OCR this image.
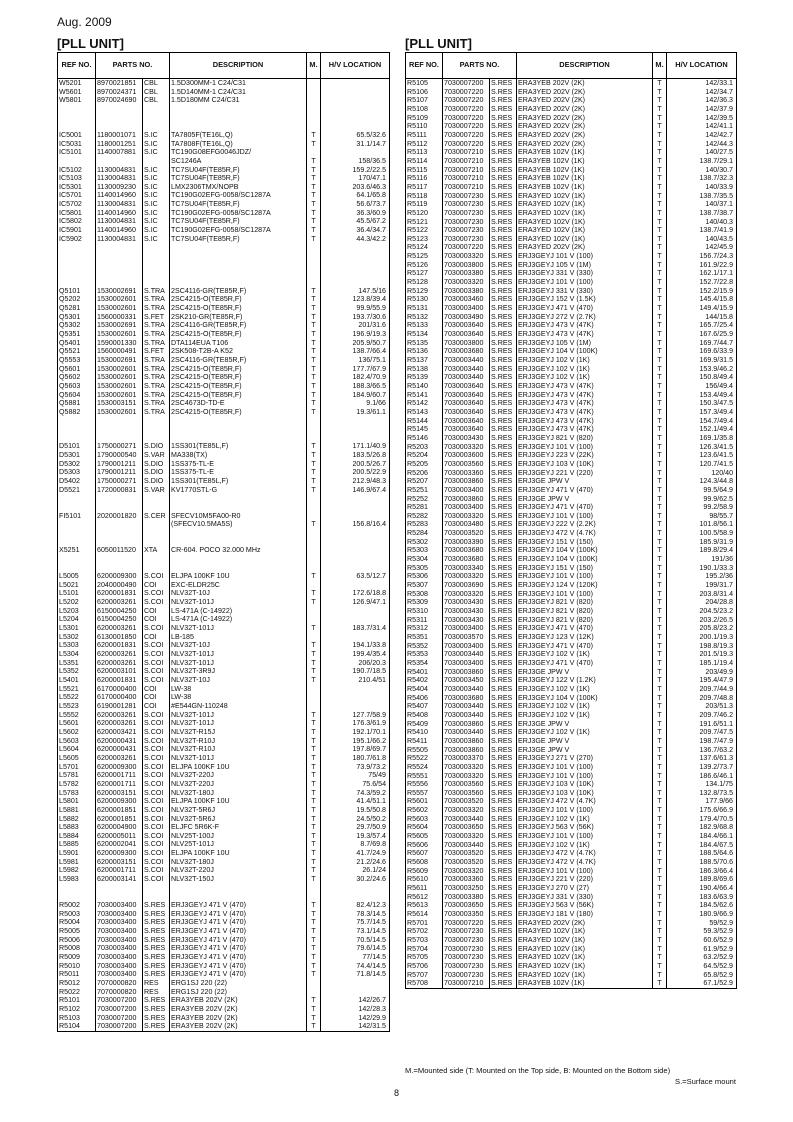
Aug. 2009
[PLL UNIT]
REF NO.	PARTS NO.		DESCRIPTION	M.	H/V LOCATION
W5201	8970021851	CBL	1.5D300MM-1 C24/C31		
W5601	8970024371	CBL	1.5D140MM-1 C24/C31		
W5801	8970024690	CBL	1.5D180MM C24/C31		

IC5001	1180001071	S.IC	TA7805F(TE16L,Q)	T	65.5/32.6
IC5031	1180001251	S.IC	TA7808F(TE16L,Q)	T	31.1/14.7
IC5101	1140007881	S.IC	TC190G08EFG0046JDZ/		
			SC1246A	T	158/36.5
IC5102	1130004831	S.IC	TC7SU04F(TE85R,F)	T	159.2/22.5
IC5103	1130004831	S.IC	TC7SU04F(TE85R,F)	T	170/47.1
IC5301	1130009230	S.IC	LMX2306TMX/NOPB	T	203.6/46.3
IC5701	1140014960	S.IC	TC190G02EFG-0058/SC1287A	T	64.1/65.8
IC5702	1130004831	S.IC	TC7SU04F(TE85R,F)	T	56.6/73.7
IC5801	1140014960	S.IC	TC190G02EFG-0058/SC1287A	T	36.3/60.9
IC5802	1130004831	S.IC	TC7SU04F(TE85R,F)	T	45.5/67.2
IC5901	1140014960	S.IC	TC190G02EFG-0058/SC1287A	T	36.4/34.7
IC5902	1130004831	S.IC	TC7SU04F(TE85R,F)	T	44.3/42.2

Q5101	1530002691	S.TRA	2SC4116-GR(TE85R,F)	T	147.5/16
Q5202	1530002601	S.TRA	2SC4215-O(TE85R,F)	T	123.8/39.4
Q5281	1530002601	S.TRA	2SC4215-O(TE85R,F)	T	99.9/55.9
Q5301	1560000331	S.FET	2SK210-GR(TE85R,F)	T	193.7/30.6
Q5302	1530002691	S.TRA	2SC4116-GR(TE85R,F)	T	201/31.6
Q5351	1530002601	S.TRA	2SC4215-O(TE85R,F)	T	196.9/19.3
Q5401	1590001330	S.TRA	DTA114EUA T106	T	205.9/50.7
Q5521	1560000491	S.FET	2SK508-T2B-A K52	T	138.7/66.4
Q5553	1530002691	S.TRA	2SC4116-GR(TE85R,F)	T	136/75.1
Q5601	1530002601	S.TRA	2SC4215-O(TE85R,F)	T	177.7/67.9
Q5602	1530002601	S.TRA	2SC4215-O(TE85R,F)	T	182.4/70.9
Q5603	1530002601	S.TRA	2SC4215-O(TE85R,F)	T	188.3/66.5
Q5604	1530002601	S.TRA	2SC4215-O(TE85R,F)	T	184.9/60.7
Q5881	1530003151	S.TRA	2SC4673D-TD-E	T	9.1/66
Q5882	1530002601	S.TRA	2SC4215-O(TE85R,F)	T	19.3/61.1

D5101	1750000271	S.DIO	1SS301(TE85L,F)	T	171.1/40.9
D5301	1790000540	S.VAR	MA338(TX)	T	183.5/26.8
D5302	1790001211	S.DIO	1SS375-TL-E	T	200.5/26.7
D5303	1790001211	S.DIO	1SS375-TL-E	T	200.5/22.9
D5402	1750000271	S.DIO	1SS301(TE85L,F)	T	212.9/48.3
D5521	1720000831	S.VAR	KV1770STL-G	T	146.9/67.4

FI5101	2020001820	S.CER	SFECV10M5FA00-R0		
			(SFECV10.5MA5S)	T	156.8/16.4

X5251	6050011520	XTA	CR-604. POCO 32.000 MHz		

L5005	6200009300	S.COI	ELJPA 100KF 10U	T	63.5/12.7
L5021	2040000490	COI	EXC-ELDR25C		
L5101	6200001831	S.COI	NLV32T-10J	T	172.6/18.8
L5202	6200003261	S.COI	NLV32T-101J	T	126.9/47.1
L5203	6150004250	COI	LS-471A (C-14922)		
L5204	6150004250	COI	LS-471A (C-14922)		
L5301	6200003261	S.COI	NLV32T-101J	T	183.7/31.4
L5302	6130001850	COI	LB-185		
L5303	6200001831	S.COI	NLV32T-10J	T	194.1/33.8
L5304	6200003261	S.COI	NLV32T-101J	T	199.4/35.4
L5351	6200003261	S.COI	NLV32T-101J	T	206/20.3
L5352	6200003101	S.COI	NLV32T-3R9J	T	190.7/18.5
L5401	6200001831	S.COI	NLV32T-10J	T	210.4/51
L5521	6170000400	COI	LW-38		
L5522	6170000400	COI	LW-38		
L5523	6190001281	COI	#E544GN-110248		
L5552	6200003261	S.COI	NLV32T-101J	T	127.7/58.9
L5601	6200003261	S.COI	NLV32T-101J	T	176.3/61.9
L5602	6200003421	S.COI	NLV32T-R15J	T	192.1/70.1
L5603	6200000431	S.COI	NLV32T-R10J	T	195.1/66.2
L5604	6200000431	S.COI	NLV32T-R10J	T	197.8/69.7
L5605	6200003261	S.COI	NLV32T-101J	T	180.7/61.8
L5701	6200009300	S.COI	ELJPA 100KF 10U	T	73.9/73.2
L5781	6200001711	S.COI	NLV32T-220J	T	75/49
L5782	6200001711	S.COI	NLV32T-220J	T	75.6/54
L5783	6200003151	S.COI	NLV32T-180J	T	74.3/59.2
L5801	6200009300	S.COI	ELJPA 100KF 10U	T	41.4/51.1
L5881	6200001851	S.COI	NLV32T-5R6J	T	19.5/50.8
L5882	6200001851	S.COI	NLV32T-5R6J	T	24.5/50.2
L5883	6200004900	S.COI	ELJFC 5R6K-F	T	29.7/50.9
L5884	6200005011	S.COI	NLV25T-100J	T	19.3/57.4
L5885	6200002041	S.COI	NLV25T-101J	T	8.7/69.8
L5901	6200009300	S.COI	ELJPA 100KF 10U	T	41.7/24.9
L5981	6200003151	S.COI	NLV32T-180J	T	21.2/24.6
L5982	6200001711	S.COI	NLV32T-220J	T	26.1/24
L5983	6200003141	S.COI	NLV32T-150J	T	30.2/24.6

R5002	7030003400	S.RES	ERJ3GEYJ 471 V (470)	T	82.4/12.3
R5003	7030003400	S.RES	ERJ3GEYJ 471 V (470)	T	78.3/14.5
R5004	7030003400	S.RES	ERJ3GEYJ 471 V (470)	T	75.7/14.5
R5005	7030003400	S.RES	ERJ3GEYJ 471 V (470)	T	73.1/14.5
R5006	7030003400	S.RES	ERJ3GEYJ 471 V (470)	T	70.5/14.5
R5008	7030003400	S.RES	ERJ3GEYJ 471 V (470)	T	79.6/14.5
R5009	7030003400	S.RES	ERJ3GEYJ 471 V (470)	T	77/14.5
R5010	7030003400	S.RES	ERJ3GEYJ 471 V (470)	T	74.4/14.5
R5011	7030003400	S.RES	ERJ3GEYJ 471 V (470)	T	71.8/14.5
R5012	7070000820	RES	ERG1SJ 220 (22)		
R5022	7070000820	RES	ERG1SJ 220 (22)		
R5101	7030007200	S.RES	ERA3YEB 202V (2K)	T	142/26.7
R5102	7030007200	S.RES	ERA3YEB 202V (2K)	T	142/28.3
R5103	7030007200	S.RES	ERA3YEB 202V (2K)	T	142/29.9
R5104	7030007200	S.RES	ERA3YEB 202V (2K)	T	142/31.5
[PLL UNIT]
REF NO.	PARTS NO.		DESCRIPTION	M.	H/V LOCATION
R5105	7030007200	S.RES	ERA3YEB 202V (2K)	T	142/33.1
R5106	7030007220	S.RES	ERA3YED 202V (2K)	T	142/34.7
R5107	7030007220	S.RES	ERA3YED 202V (2K)	T	142/36.3
R5108	7030007220	S.RES	ERA3YED 202V (2K)	T	142/37.9
R5109	7030007220	S.RES	ERA3YED 202V (2K)	T	142/39.5
R5110	7030007220	S.RES	ERA3YED 202V (2K)	T	142/41.1
R5111	7030007220	S.RES	ERA3YED 202V (2K)	T	142/42.7
R5112	7030007220	S.RES	ERA3YED 202V (2K)	T	142/44.3
R5113	7030007210	S.RES	ERA3YEB 102V (1K)	T	140/27.5
R5114	7030007210	S.RES	ERA3YEB 102V (1K)	T	138.7/29.1
R5115	7030007210	S.RES	ERA3YEB 102V (1K)	T	140/30.7
R5116	7030007210	S.RES	ERA3YEB 102V (1K)	T	138.7/32.3
R5117	7030007210	S.RES	ERA3YEB 102V (1K)	T	140/33.9
R5118	7030007230	S.RES	ERA3YED 102V (1K)	T	138.7/35.5
R5119	7030007230	S.RES	ERA3YED 102V (1K)	T	140/37.1
R5120	7030007230	S.RES	ERA3YED 102V (1K)	T	138.7/38.7
R5121	7030007230	S.RES	ERA3YED 102V (1K)	T	140/40.3
R5122	7030007230	S.RES	ERA3YED 102V (1K)	T	138.7/41.9
R5123	7030007230	S.RES	ERA3YED 102V (1K)	T	140/43.5
R5124	7030007220	S.RES	ERA3YED 202V (2K)	T	142/45.9
R5125	7030003320	S.RES	ERJ3GEYJ 101 V (100)	T	156.7/24.3
R5126	7030003800	S.RES	ERJ3GEYJ 105 V (1M)	T	161.9/22.9
R5127	7030003380	S.RES	ERJ3GEYJ 331 V (330)	T	162.1/17.1
R5128	7030003320	S.RES	ERJ3GEYJ 101 V (100)	T	152.7/22.8
R5129	7030003380	S.RES	ERJ3GEYJ 331 V (330)	T	152.2/15.9
R5130	7030003460	S.RES	ERJ3GEYJ 152 V (1.5K)	T	145.4/15.8
R5131	7030003400	S.RES	ERJ3GEYJ 471 V (470)	T	149.4/15.9
R5132	7030003490	S.RES	ERJ3GEYJ 272 V (2.7K)	T	144/15.8
R5133	7030003640	S.RES	ERJ3GEYJ 473 V (47K)	T	165.7/25.4
R5134	7030003640	S.RES	ERJ3GEYJ 473 V (47K)	T	167.6/25.9
R5135	7030003800	S.RES	ERJ3GEYJ 105 V (1M)	T	169.7/44.7
R5136	7030003680	S.RES	ERJ3GEYJ 104 V (100K)	T	169.6/33.9
R5137	7030003440	S.RES	ERJ3GEYJ 102 V (1K)	T	169.9/31.5
R5138	7030003440	S.RES	ERJ3GEYJ 102 V (1K)	T	153.9/46.2
R5139	7030003440	S.RES	ERJ3GEYJ 102 V (1K)	T	150.8/49.4
R5140	7030003640	S.RES	ERJ3GEYJ 473 V (47K)	T	156/49.4
R5141	7030003640	S.RES	ERJ3GEYJ 473 V (47K)	T	153.4/49.4
R5142	7030003640	S.RES	ERJ3GEYJ 473 V (47K)	T	150.3/47.5
R5143	7030003640	S.RES	ERJ3GEYJ 473 V (47K)	T	157.3/49.4
R5144	7030003640	S.RES	ERJ3GEYJ 473 V (47K)	T	154.7/49.4
R5145	7030003640	S.RES	ERJ3GEYJ 473 V (47K)	T	152.1/49.4
R5146	7030003430	S.RES	ERJ3GEYJ 821 V (820)	T	169.1/35.8
R5203	7030003320	S.RES	ERJ3GEYJ 101 V (100)	T	126.3/41.5
R5204	7030003600	S.RES	ERJ3GEYJ 223 V (22K)	T	123.6/41.5
R5205	7030003560	S.RES	ERJ3GEYJ 103 V (10K)	T	120.7/41.5
R5206	7030003360	S.RES	ERJ3GEYJ 221 V (220)	T	120/40
R5207	7030003860	S.RES	ERJ3GE JPW V	T	124.3/44.8
R5251	7030003400	S.RES	ERJ3GEYJ 471 V (470)	T	99.5/64.9
R5252	7030003860	S.RES	ERJ3GE JPW V	T	99.9/62.5
R5281	7030003400	S.RES	ERJ3GEYJ 471 V (470)	T	99.2/58.9
R5282	7030003320	S.RES	ERJ3GEYJ 101 V (100)	T	98/55.7
R5283	7030003480	S.RES	ERJ3GEYJ 222 V (2.2K)	T	101.8/56.1
R5284	7030003520	S.RES	ERJ3GEYJ 472 V (4.7K)	T	100.5/58.9
R5302	7030003390	S.RES	ERJ3GEYJ 151 V (150)	T	185.9/31.9
R5303	7030003680	S.RES	ERJ3GEYJ 104 V (100K)	T	189.8/29.4
R5304	7030003680	S.RES	ERJ3GEYJ 104 V (100K)	T	191/36
R5305	7030003340	S.RES	ERJ3GEYJ 151 V (150)	T	190.1/33.3
R5306	7030003320	S.RES	ERJ3GEYJ 101 V (100)	T	195.2/36
R5307	7030003690	S.RES	ERJ3GEYJ 124 V (120K)	T	199/31.7
R5308	7030003320	S.RES	ERJ3GEYJ 101 V (100)	T	203.8/31.4
R5309	7030003430	S.RES	ERJ3GEYJ 821 V (820)	T	204/28.8
R5310	7030003430	S.RES	ERJ3GEYJ 821 V (820)	T	204.5/23.2
R5311	7030003430	S.RES	ERJ3GEYJ 821 V (820)	T	203.2/26.5
R5312	7030003400	S.RES	ERJ3GEYJ 471 V (470)	T	205.8/23.2
R5351	7030003570	S.RES	ERJ3GEYJ 123 V (12K)	T	200.1/19.3
R5352	7030003400	S.RES	ERJ3GEYJ 471 V (470)	T	198.8/19.3
R5353	7030003440	S.RES	ERJ3GEYJ 102 V (1K)	T	201.5/19.3
R5354	7030003400	S.RES	ERJ3GEYJ 471 V (470)	T	185.1/19.4
R5401	7030003860	S.RES	ERJ3GE JPW V	T	203/49.9
R5402	7030003450	S.RES	ERJ3GEYJ 122 V (1.2K)	T	195.4/47.9
R5404	7030003440	S.RES	ERJ3GEYJ 102 V (1K)	T	209.7/44.9
R5406	7030003680	S.RES	ERJ3GEYJ 104 V (100K)	T	209.7/48.8
R5407	7030003440	S.RES	ERJ3GEYJ 102 V (1K)	T	203/51.3
R5408	7030003440	S.RES	ERJ3GEYJ 102 V (1K)	T	209.7/46.2
R5409	7030003860	S.RES	ERJ3GE JPW V	T	191.6/51.1
R5410	7030003440	S.RES	ERJ3GEYJ 102 V (1K)	T	209.7/47.5
R5411	7030003860	S.RES	ERJ3GE JPW V	T	198.7/47.9
R5505	7030003860	S.RES	ERJ3GE JPW V	T	136.7/63.2
R5522	7030003370	S.RES	ERJ3GEYJ 271 V (270)	T	137.6/61.3
R5524	7030003320	S.RES	ERJ3GEYJ 101 V (100)	T	139.2/73.7
R5551	7030003320	S.RES	ERJ3GEYJ 101 V (100)	T	186.6/46.1
R5556	7030003560	S.RES	ERJ3GEYJ 103 V (10K)	T	134.1/75
R5557	7030003560	S.RES	ERJ3GEYJ 103 V (10K)	T	132.8/73.5
R5601	7030003520	S.RES	ERJ3GEYJ 472 V (4.7K)	T	177.9/66
R5602	7030003320	S.RES	ERJ3GEYJ 101 V (100)	T	175.6/66.9
R5603	7030003440	S.RES	ERJ3GEYJ 102 V (1K)	T	179.4/70.5
R5604	7030003650	S.RES	ERJ3GEYJ 563 V (56K)	T	182.9/68.8
R5605	7030003320	S.RES	ERJ3GEYJ 101 V (100)	T	184.4/66.1
R5606	7030003440	S.RES	ERJ3GEYJ 102 V (1K)	T	184.4/67.5
R5607	7030003520	S.RES	ERJ3GEYJ 472 V (4.7K)	T	188.5/64.6
R5608	7030003520	S.RES	ERJ3GEYJ 472 V (4.7K)	T	188.5/70.6
R5609	7030003320	S.RES	ERJ3GEYJ 101 V (100)	T	186.3/66.4
R5610	7030003360	S.RES	ERJ3GEYJ 221 V (220)	T	189.8/69.6
R5611	7030003250	S.RES	ERJ3GEYJ 270 V (27)	T	190.4/66.4
R5612	7030003380	S.RES	ERJ3GEYJ 331 V (330)	T	183.6/63.9
R5613	7030003650	S.RES	ERJ3GEYJ 563 V (56K)	T	184.5/62.6
R5614	7030003350	S.RES	ERJ3GEYJ 181 V (180)	T	180.9/66.9
R5701	7030007220	S.RES	ERA3YED 202V (2K)	T	59/52.9
R5702	7030007230	S.RES	ERA3YED 102V (1K)	T	59.3/52.9
R5703	7030007230	S.RES	ERA3YED 102V (1K)	T	60.6/52.9
R5704	7030007230	S.RES	ERA3YED 102V (1K)	T	61.9/52.9
R5705	7030007230	S.RES	ERA3YED 102V (1K)	T	63.2/52.9
R5706	7030007230	S.RES	ERA3YED 102V (1K)	T	64.5/52.9
R5707	7030007230	S.RES	ERA3YED 102V (1K)	T	65.8/52.9
R5708	7030007210	S.RES	ERA3YEB 102V (1K)	T	67.1/52.9
M.=Mounted side (T: Mounted on the Top side, B: Mounted on the Bottom side)
S.=Surface mount
8
